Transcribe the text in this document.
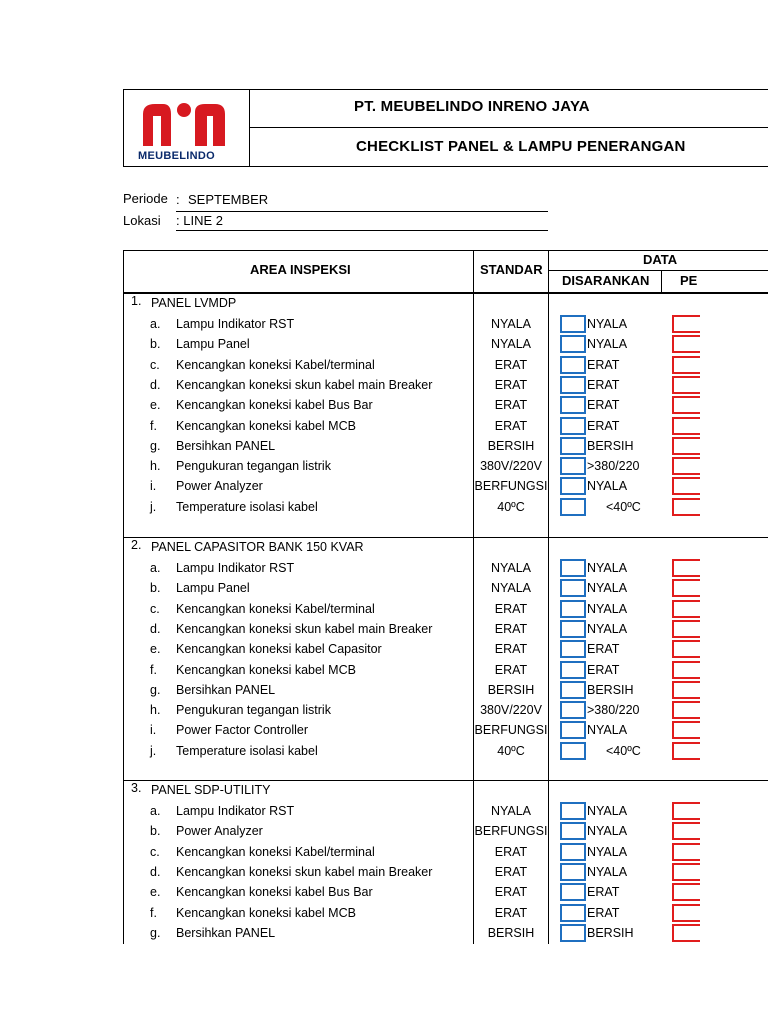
MEUBELINDO
PT. MEUBELINDO INRENO JAYA
CHECKLIST PANEL & LAMPU PENERANGAN
Periode : SEPTEMBER
Lokasi : LINE 2
AREA INSPEKSI	STANDAR
DATA
DISARANKAN PE
1. PANEL LVMDP
a. Lampu Indikator RST	NYALA	NYALA
b. Lampu Panel	NYALA	NYALA
c. Kencangkan koneksi Kabel/terminal	ERAT	ERAT
d. Kencangkan koneksi skun kabel main Breaker	ERAT	ERAT
e. Kencangkan koneksi kabel Bus Bar	ERAT	ERAT
f. Kencangkan koneksi kabel MCB	ERAT	ERAT
g. Bersihkan PANEL	BERSIH	BERSIH
h. Pengukuran tegangan listrik	380V/220V	>380/220
i. Power Analyzer	BERFUNGSI	NYALA
j. Temperature isolasi kabel	40ºC	<40ºC
2. PANEL CAPASITOR BANK 150 KVAR
a. Lampu Indikator RST	NYALA	NYALA
b. Lampu Panel	NYALA	NYALA
c. Kencangkan koneksi Kabel/terminal	ERAT	NYALA
d. Kencangkan koneksi skun kabel main Breaker	ERAT	NYALA
e. Kencangkan koneksi kabel Capasitor	ERAT	ERAT
f. Kencangkan koneksi kabel MCB	ERAT	ERAT
g. Bersihkan PANEL	BERSIH	BERSIH
h. Pengukuran tegangan listrik	380V/220V	>380/220
i. Power Factor Controller	BERFUNGSI	NYALA
j. Temperature isolasi kabel	40ºC	<40ºC
3. PANEL SDP-UTILITY
a. Lampu Indikator RST	NYALA	NYALA
b. Power Analyzer	BERFUNGSI	NYALA
c. Kencangkan koneksi Kabel/terminal	ERAT	NYALA
d. Kencangkan koneksi skun kabel main Breaker	ERAT	NYALA
e. Kencangkan koneksi kabel Bus Bar	ERAT	ERAT
f. Kencangkan koneksi kabel MCB	ERAT	ERAT
g. Bersihkan PANEL	BERSIH	BERSIH
